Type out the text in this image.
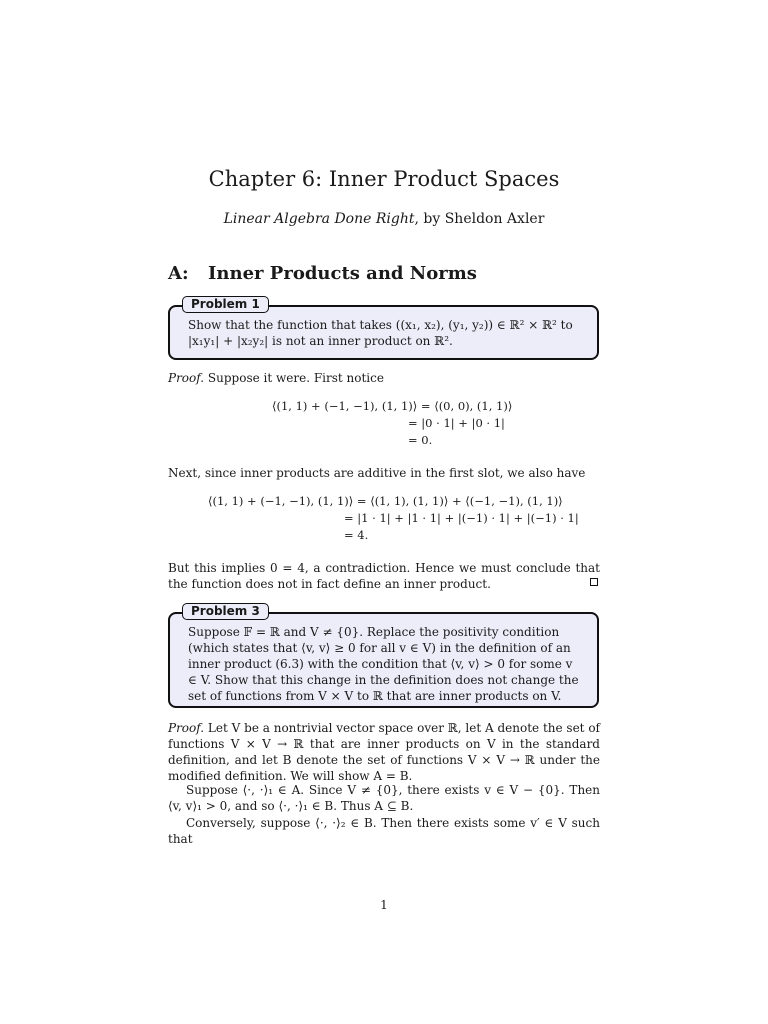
Chapter 6: Inner Product Spaces
Linear Algebra Done Right, by Sheldon Axler
A: Inner Products and Norms
Problem 1
Show that the function that takes ((x₁, x₂), (y₁, y₂)) ∈ ℝ² × ℝ² to |x₁y₁| + |x₂y₂| is not an inner product on ℝ².
Proof. Suppose it were. First notice
⟨(1, 1) + (−1, −1), (1, 1)⟩ = ⟨(0, 0), (1, 1)⟩
= |0 · 1| + |0 · 1|
= 0.
Next, since inner products are additive in the first slot, we also have
⟨(1, 1) + (−1, −1), (1, 1)⟩ = ⟨(1, 1), (1, 1)⟩ + ⟨(−1, −1), (1, 1)⟩
= |1 · 1| + |1 · 1| + |(−1) · 1| + |(−1) · 1|
= 4.
But this implies 0 = 4, a contradiction. Hence we must conclude that the function does not in fact define an inner product.
Problem 3
Suppose 𝔽 = ℝ and V ≠ {0}. Replace the positivity condition (which states that ⟨v, v⟩ ≥ 0 for all v ∈ V) in the definition of an inner product (6.3) with the condition that ⟨v, v⟩ > 0 for some v ∈ V. Show that this change in the definition does not change the set of functions from V × V to ℝ that are inner products on V.
Proof. Let V be a nontrivial vector space over ℝ, let A denote the set of functions V × V → ℝ that are inner products on V in the standard definition, and let B denote the set of functions V × V → ℝ under the modified definition. We will show A = B.
Suppose ⟨·, ·⟩₁ ∈ A. Since V ≠ {0}, there exists v ∈ V − {0}. Then ⟨v, v⟩₁ > 0, and so ⟨·, ·⟩₁ ∈ B. Thus A ⊆ B.
Conversely, suppose ⟨·, ·⟩₂ ∈ B. Then there exists some v′ ∈ V such that
1
